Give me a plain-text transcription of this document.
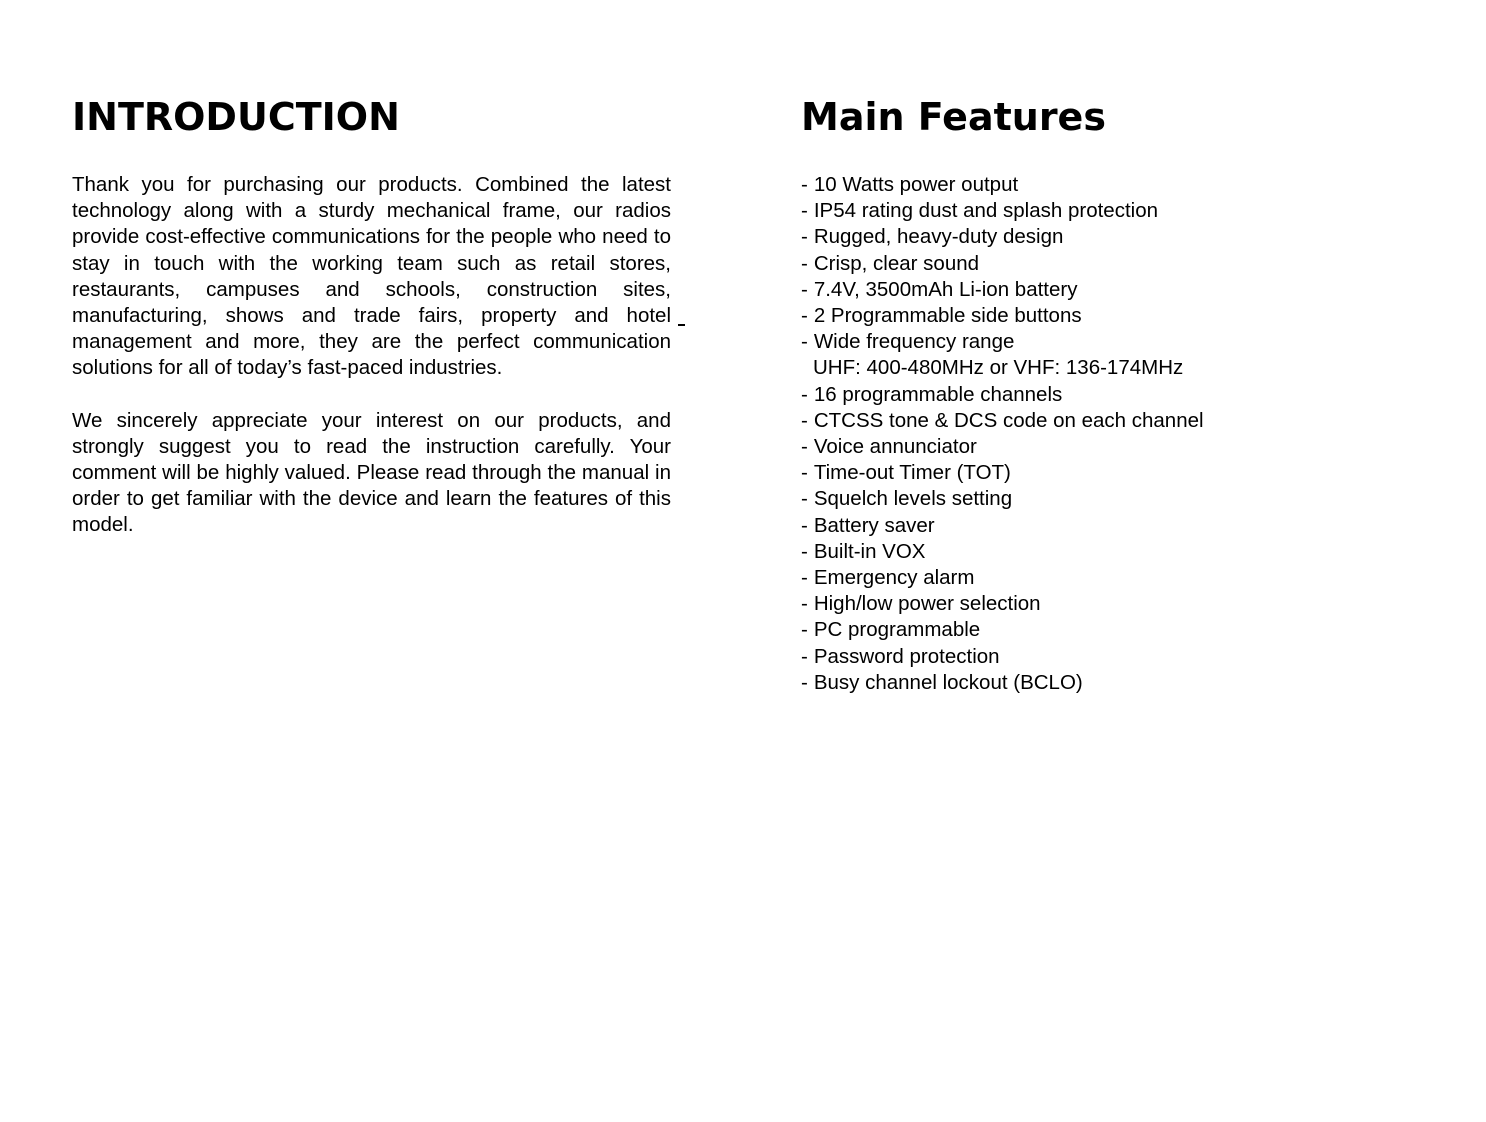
INTRODUCTION

Thank you for purchasing our products. Combined the latest technology along with a sturdy mechanical frame, our radios provide cost-effective communications for the people who need to stay in touch with the working team such as retail stores, restaurants, campuses and schools, construction sites, manufacturing, shows and trade fairs, property and hotel management and more, they are the perfect communication solutions for all of today’s fast-paced industries.

We sincerely appreciate your interest on our products, and strongly suggest you to read the instruction carefully. Your comment will be highly valued. Please read through the manual in order to get familiar with the device and learn the features of this model.

Main Features
- 10 Watts power output
- IP54 rating dust and splash protection
- Rugged, heavy-duty design
- Crisp, clear sound
- 7.4V, 3500mAh Li-ion battery
- 2 Programmable side buttons
- Wide frequency range
UHF: 400-480MHz or VHF: 136-174MHz
- 16 programmable channels
- CTCSS tone & DCS code on each channel
- Voice annunciator
- Time-out Timer (TOT)
- Squelch levels setting
- Battery saver
- Built-in VOX
- Emergency alarm
- High/low power selection
- PC programmable
- Password protection
- Busy channel lockout (BCLO)
